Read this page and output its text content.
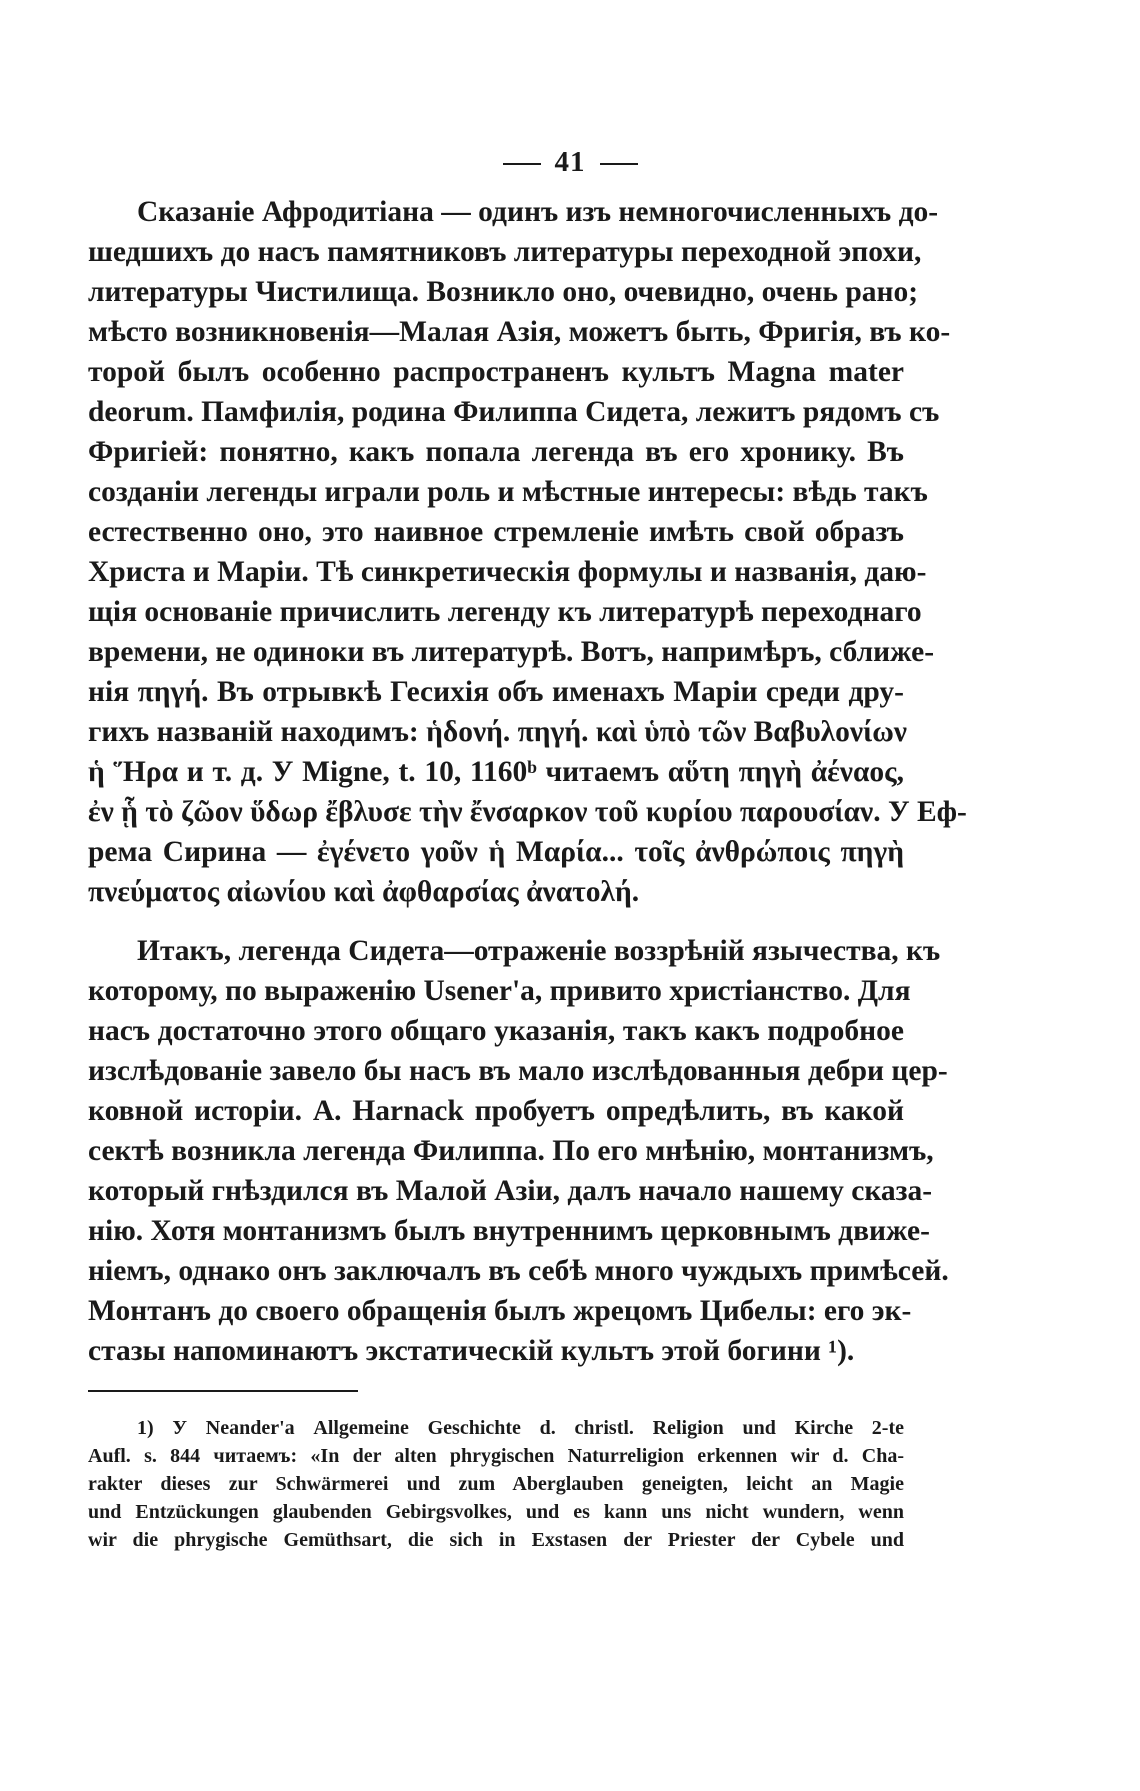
41
Сказаніе Афродитіана — одинъ изъ немногочисленныхъ до-
шедшихъ до насъ памятниковъ литературы переходной эпохи,
литературы Чистилища. Возникло оно, очевидно, очень рано;
мѣсто возникновенія—Малая Азія, можетъ быть, Фригія, въ ко-
торой былъ особенно распространенъ культъ Magna mater
deorum. Памфилія, родина Филиппа Сидета, лежитъ рядомъ съ
Фригіей: понятно, какъ попала легенда въ его хронику. Въ
созданіи легенды играли роль и мѣстные интересы: вѣдь такъ
естественно оно, это наивное стремленіе имѣть свой образъ
Христа и Маріи. Тѣ синкретическія формулы и названія, даю-
щія основаніе причислить легенду къ литературѣ переходнаго
времени, не одиноки въ литературѣ. Вотъ, напримѣръ, сближе-
нія πηγή. Въ отрывкѣ Гесихія объ именахъ Маріи среди дру-
гихъ названій находимъ: ἡδονή. πηγή. καὶ ὑπὸ τῶν Βαβυλονίων
ἡ Ἥρα и т. д. У Migne, t. 10, 1160ᵇ читаемъ αὕτη πηγὴ ἀέναος,
ἐν ᾗ τὸ ζῶον ὕδωρ ἔβλυσε τὴν ἔνσαρκον τοῦ κυρίου παρουσίαν. У Еф-
рема Сирина — ἐγένετο γοῦν ἡ Μαρία... τοῖς ἀνθρώποις πηγὴ
πνεύματος αἰωνίου καὶ ἀφθαρσίας ἀνατολή.
Итакъ, легенда Сидета—отраженіе воззрѣній язычества, къ
которому, по выраженію Usener'а, привито христіанство. Для
насъ достаточно этого общаго указанія, такъ какъ подробное
изслѣдованіе завело бы насъ въ мало изслѣдованныя дебри цер-
ковной исторіи. A. Harnack пробуетъ опредѣлить, въ какой
сектѣ возникла легенда Филиппа. По его мнѣнію, монтанизмъ,
который гнѣздился въ Малой Азіи, далъ начало нашему сказа-
нію. Хотя монтанизмъ былъ внутреннимъ церковнымъ движе-
ніемъ, однако онъ заключалъ въ себѣ много чуждыхъ примѣсей.
Монтанъ до своего обращенія былъ жрецомъ Цибелы: его эк-
стазы напоминаютъ экстатическій культъ этой богини ¹).
1) У Neander'а Allgemeine Geschichte d. christl. Religion und Kirche 2-te
Aufl. s. 844 читаемъ: «In der alten phrygischen Naturreligion erkennen wir d. Cha-
rakter dieses zur Schwärmerei und zum Aberglauben geneigten, leicht an Magie
und Entzückungen glaubenden Gebirgsvolkes, und es kann uns nicht wundern, wenn
wir die phrygische Gemüthsart, die sich in Exstasen der Priester der Cybele und
